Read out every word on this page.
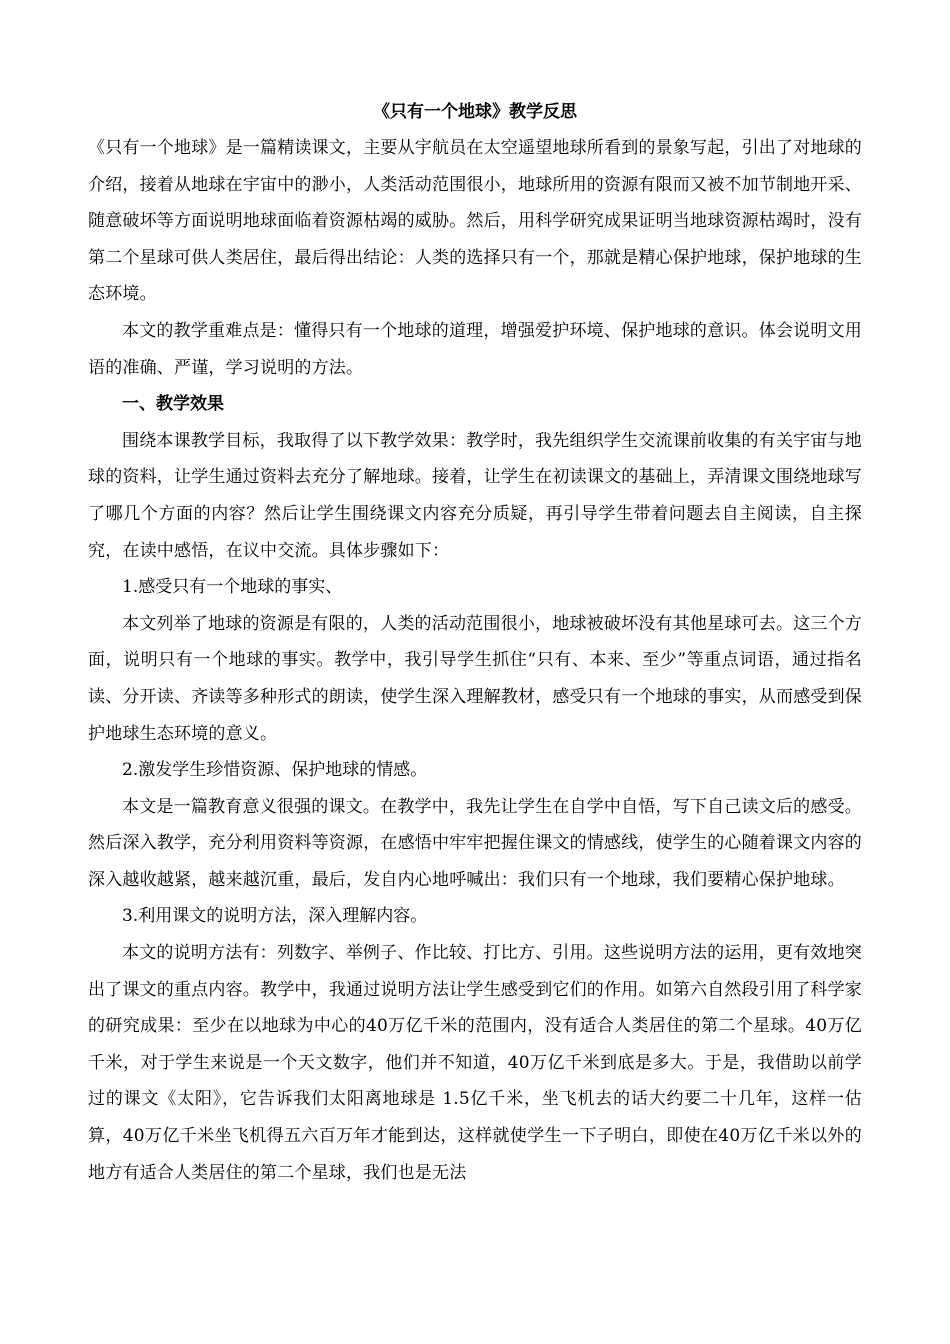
《只有一个地球》教学反思

《只有一个地球》是一篇精读课文，主要从宇航员在太空遥望地球所看到的景象写起，引出了对地球的介绍，接着从地球在宇宙中的渺小，人类活动范围很小，地球所用的资源有限而又被不加节制地开采、随意破坏等方面说明地球面临着资源枯竭的威胁。然后，用科学研究成果证明当地球资源枯竭时，没有第二个星球可供人类居住，最后得出结论：人类的选择只有一个，那就是精心保护地球，保护地球的生态环境。

本文的教学重难点是：懂得只有一个地球的道理，增强爱护环境、保护地球的意识。体会说明文用语的准确、严谨，学习说明的方法。

一、教学效果

围绕本课教学目标，我取得了以下教学效果：教学时，我先组织学生交流课前收集的有关宇宙与地球的资料，让学生通过资料去充分了解地球。接着，让学生在初读课文的基础上，弄清课文围绕地球写了哪几个方面的内容？然后让学生围绕课文内容充分质疑，再引导学生带着问题去自主阅读，自主探究，在读中感悟，在议中交流。具体步骤如下：

1.感受只有一个地球的事实、

本文列举了地球的资源是有限的，人类的活动范围很小，地球被破坏没有其他星球可去。这三个方面，说明只有一个地球的事实。教学中，我引导学生抓住“只有、本来、至少”等重点词语，通过指名读、分开读、齐读等多种形式的朗读，使学生深入理解教材，感受只有一个地球的事实，从而感受到保护地球生态环境的意义。

2.激发学生珍惜资源、保护地球的情感。

本文是一篇教育意义很强的课文。在教学中，我先让学生在自学中自悟，写下自己读文后的感受。然后深入教学，充分利用资料等资源，在感悟中牢牢把握住课文的情感线，使学生的心随着课文内容的深入越收越紧，越来越沉重，最后，发自内心地呼喊出：我们只有一个地球，我们要精心保护地球。

3.利用课文的说明方法，深入理解内容。

本文的说明方法有：列数字、举例子、作比较、打比方、引用。这些说明方法的运用，更有效地突出了课文的重点内容。教学中，我通过说明方法让学生感受到它们的作用。如第六自然段引用了科学家的研究成果：至少在以地球为中心的40万亿千米的范围内，没有适合人类居住的第二个星球。40万亿千米，对于学生来说是一个天文数字，他们并不知道，40万亿千米到底是多大。于是，我借助以前学过的课文《太阳》，它告诉我们太阳离地球是 1.5亿千米，坐飞机去的话大约要二十几年，这样一估算，40万亿千米坐飞机得五六百万年才能到达，这样就使学生一下子明白，即使在40万亿千米以外的地方有适合人类居住的第二个星球，我们也是无法
